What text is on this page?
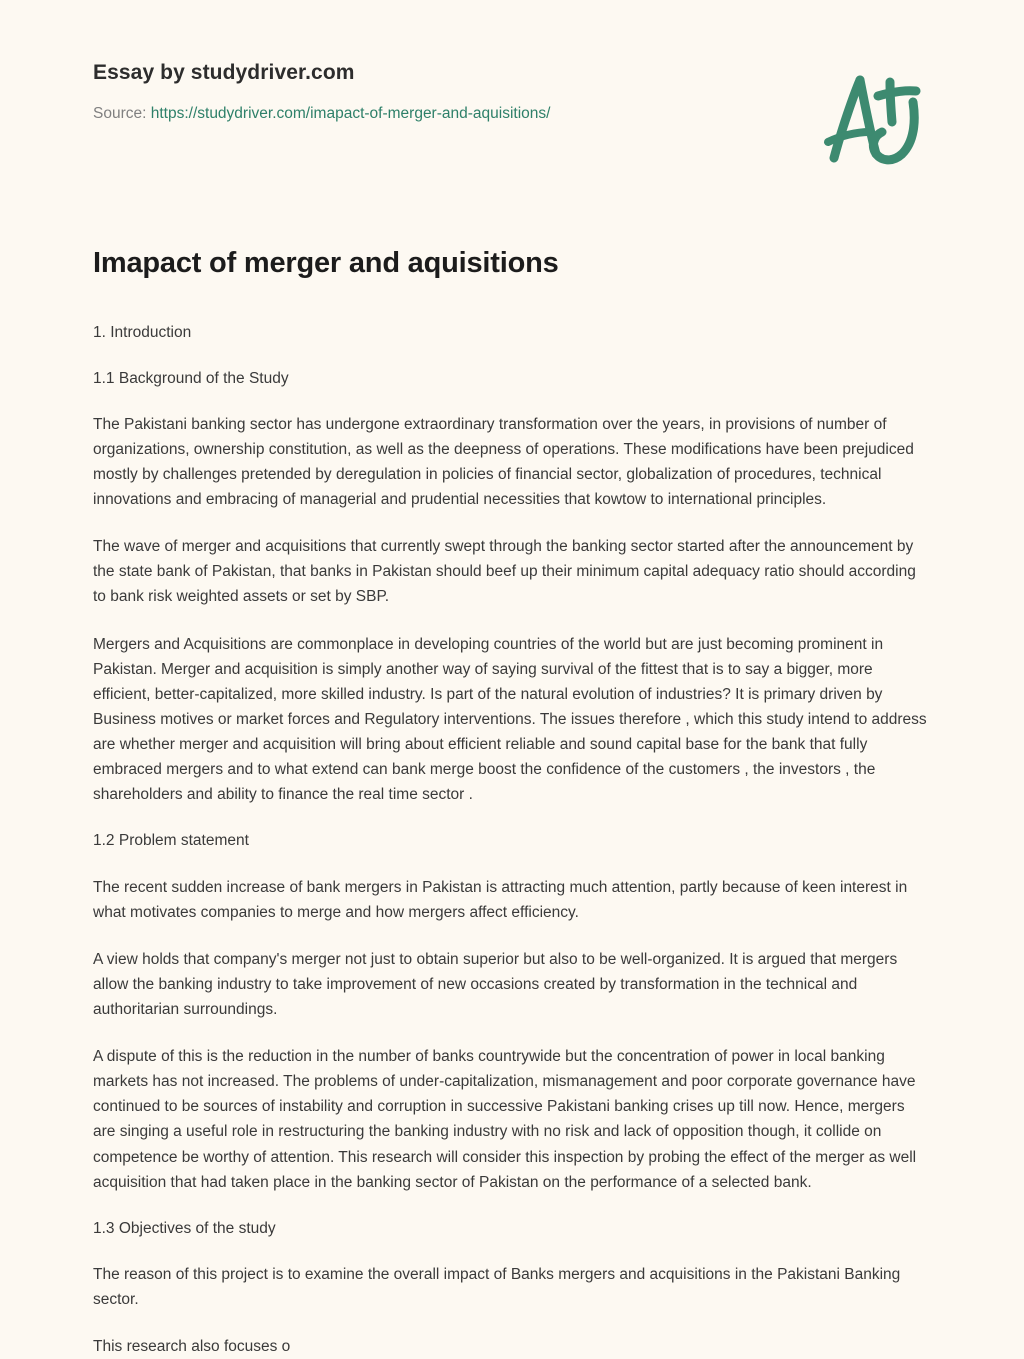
Essay by studydriver.com
Source: https://studydriver.com/imapact-of-merger-and-aquisitions/
Imapact of merger and aquisitions

1. Introduction

1.1 Background of the Study

The Pakistani banking sector has undergone extraordinary transformation over the years, in provisions of number of organizations, ownership constitution, as well as the deepness of operations. These modifications have been prejudiced mostly by challenges pretended by deregulation in policies of financial sector, globalization of procedures, technical innovations and embracing of managerial and prudential necessities that kowtow to international principles.

The wave of merger and acquisitions that currently swept through the banking sector started after the announcement by the state bank of Pakistan, that banks in Pakistan should beef up their minimum capital adequacy ratio should according to bank risk weighted assets or set by SBP.

Mergers and Acquisitions are commonplace in developing countries of the world but are just becoming prominent in Pakistan. Merger and acquisition is simply another way of saying survival of the fittest that is to say a bigger, more efficient, better-capitalized, more skilled industry. Is part of the natural evolution of industries? It is primary driven by Business motives or market forces and Regulatory interventions. The issues therefore , which this study intend to address are whether merger and acquisition will bring about efficient reliable and sound capital base for the bank that fully embraced mergers and to what extend can bank merge boost the confidence of the customers , the investors , the shareholders and ability to finance the real time sector .

1.2 Problem statement

The recent sudden increase of bank mergers in Pakistan is attracting much attention, partly because of keen interest in what motivates companies to merge and how mergers affect efficiency.

A view holds that company's merger not just to obtain superior but also to be well-organized. It is argued that mergers allow the banking industry to take improvement of new occasions created by transformation in the technical and authoritarian surroundings.

A dispute of this is the reduction in the number of banks countrywide but the concentration of power in local banking markets has not increased. The problems of under-capitalization, mismanagement and poor corporate governance have continued to be sources of instability and corruption in successive Pakistani banking crises up till now. Hence, mergers are singing a useful role in restructuring the banking industry with no risk and lack of opposition though, it collide on competence be worthy of attention. This research will consider this inspection by probing the effect of the merger as well acquisition that had taken place in the banking sector of Pakistan on the performance of a selected bank.

1.3 Objectives of the study

The reason of this project is to examine the overall impact of Banks mergers and acquisitions in the Pakistani Banking sector.

This research also focuses o
